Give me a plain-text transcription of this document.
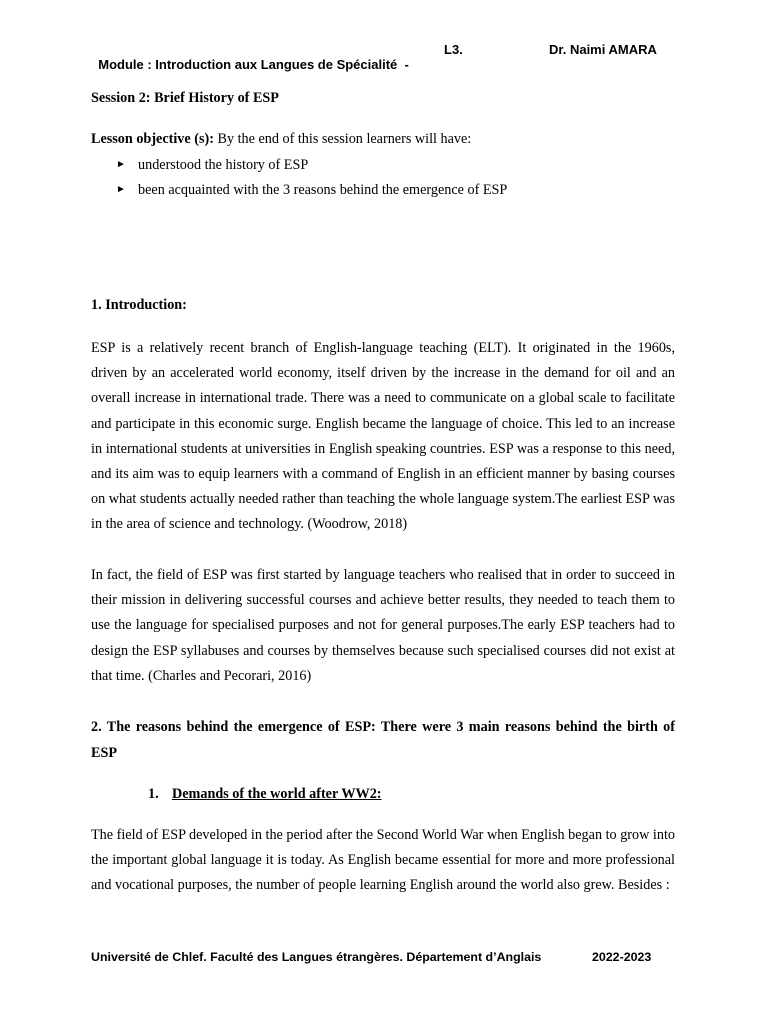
Module : Introduction aux Langues de Spécialité  -

L3.

	Dr. Naimi AMARA

Session 2: Brief History of ESP
Lesson objective (s): By the end of this session learners will have:
► understood the history of ESP
► been acquainted with the 3 reasons behind the emergence of ESP
1. Introduction:

ESP is a relatively recent branch of English-language teaching (ELT). It originated in the 1960s, driven by an accelerated world economy, itself driven by the increase in the demand for oil and an overall increase in international trade. There was a need to communicate on a global scale to facilitate and participate in this economic surge. English became the language of choice. This led to an increase in international students at universities in English speaking countries. ESP was a response to this need, and its aim was to equip learners with a command of English in an efficient manner by basing courses on what students actually needed rather than teaching the whole language system.The earliest ESP was in the area of science and technology. (Woodrow, 2018)

In fact, the field of ESP was first started by language teachers who realised that in order to succeed in their mission in delivering successful courses and achieve better results, they needed to teach them to use the language for specialised purposes and not for general purposes.The early ESP teachers had to design the ESP syllabuses and courses by themselves because such specialised courses did not exist at that time. (Charles and Pecorari, 2016)

2. The reasons behind the emergence of ESP: There were 3 main reasons behind the birth of ESP

1. Demands of the world after WW2:

The field of ESP developed in the period after the Second World War when English began to grow into the important global language it is today. As English became essential for more and more professional and vocational purposes, the number of people learning English around the world also grew. Besides :

Université de Chlef. Faculté des Langues étrangères. Département d’Anglais	2022-2023
